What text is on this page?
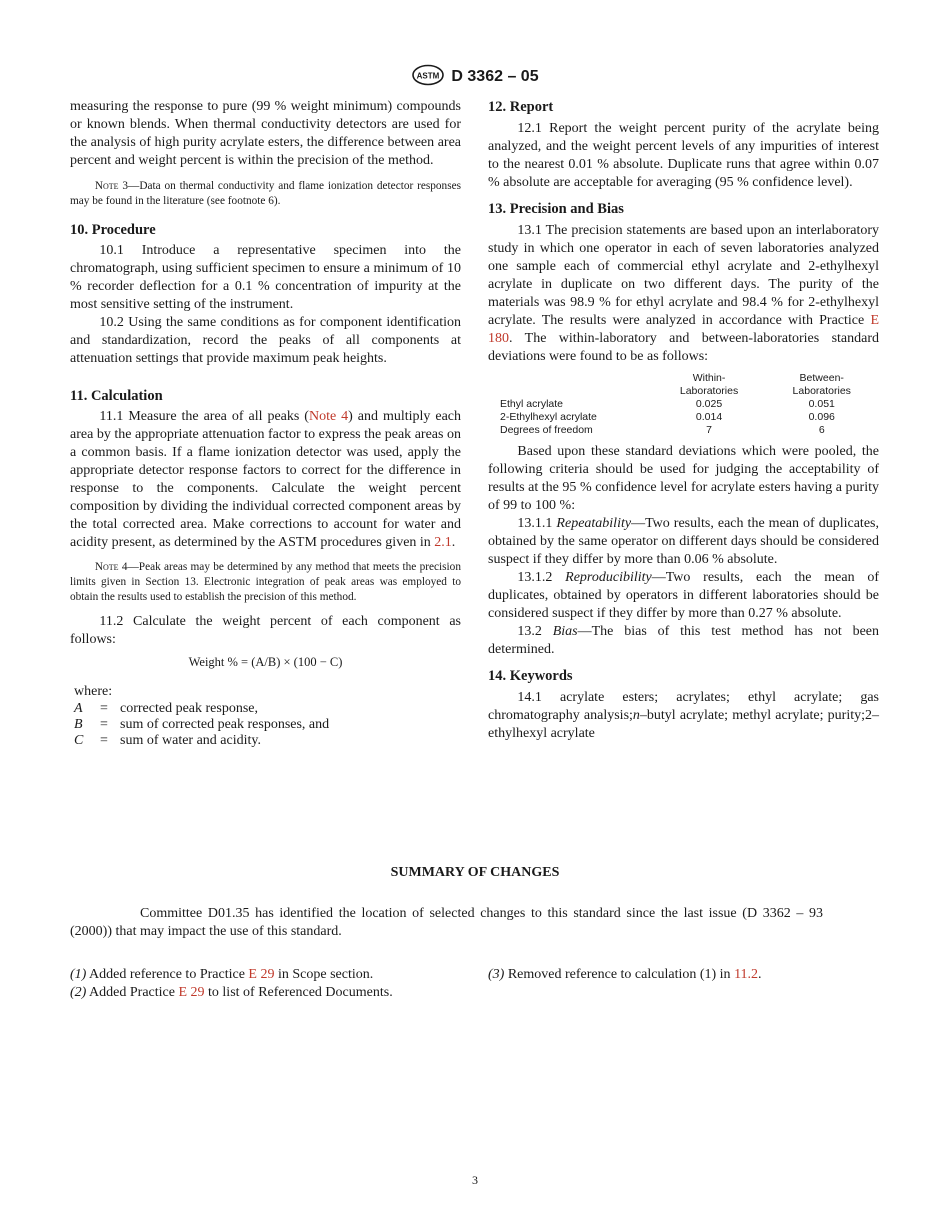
ASTM D 3362 – 05

measuring the response to pure (99 % weight minimum) compounds or known blends. When thermal conductivity detectors are used for the analysis of high purity acrylate esters, the difference between area percent and weight percent is within the precision of the method.

Note 3—Data on thermal conductivity and flame ionization detector responses may be found in the literature (see footnote 6).

10. Procedure

10.1 Introduce a representative specimen into the chromatograph, using sufficient specimen to ensure a minimum of 10 % recorder deflection for a 0.1 % concentration of impurity at the most sensitive setting of the instrument.

10.2 Using the same conditions as for component identification and standardization, record the peaks of all components at attenuation settings that provide maximum peak heights.

11. Calculation

11.1 Measure the area of all peaks (Note 4) and multiply each area by the appropriate attenuation factor to express the peak areas on a common basis. If a flame ionization detector was used, apply the appropriate detector response factors to correct for the difference in response to the components. Calculate the weight percent composition by dividing the individual corrected component areas by the total corrected area. Make corrections to account for water and acidity present, as determined by the ASTM procedures given in 2.1.

Note 4—Peak areas may be determined by any method that meets the precision limits given in Section 13. Electronic integration of peak areas was employed to obtain the results used to establish the precision of this method.

11.2 Calculate the weight percent of each component as follows:

Weight % = (A/B) × (100 − C)
where:
A	= corrected peak response,
B	= sum of corrected peak responses, and
C	= sum of water and acidity.

12. Report

12.1 Report the weight percent purity of the acrylate being analyzed, and the weight percent levels of any impurities of interest to the nearest 0.01 % absolute. Duplicate runs that agree within 0.07 % absolute are acceptable for averaging (95 % confidence level).

13. Precision and Bias

13.1 The precision statements are based upon an interlaboratory study in which one operator in each of seven laboratories analyzed one sample each of commercial ethyl acrylate and 2-ethylhexyl acrylate in duplicate on two different days. The purity of the materials was 98.9 % for ethyl acrylate and 98.4 % for 2-ethylhexyl acrylate. The results were analyzed in accordance with Practice E 180. The within-laboratory and between-laboratories standard deviations were found to be as follows:

	Within-	Between-
	Laboratories	Laboratories
Ethyl acrylate	0.025	0.051
2-Ethylhexyl acrylate	0.014	0.096
Degrees of freedom	7	6

Based upon these standard deviations which were pooled, the following criteria should be used for judging the acceptability of results at the 95 % confidence level for acrylate esters having a purity of 99 to 100 %:

13.1.1 Repeatability—Two results, each the mean of duplicates, obtained by the same operator on different days should be considered suspect if they differ by more than 0.06 % absolute.

13.1.2 Reproducibility—Two results, each the mean of duplicates, obtained by operators in different laboratories should be considered suspect if they differ by more than 0.27 % absolute.

13.2 Bias—The bias of this test method has not been determined.

14. Keywords

14.1 acrylate esters; acrylates; ethyl acrylate; gas chromatography analysis;n–butyl acrylate; methyl acrylate; purity;2–ethylhexyl acrylate

SUMMARY OF CHANGES
Committee D01.35 has identified the location of selected changes to this standard since the last issue (D 3362 – 93 (2000)) that may impact the use of this standard.
(1) Added reference to Practice E 29 in Scope section.
(2) Added Practice E 29 to list of Referenced Documents.
(3) Removed reference to calculation (1) in 11.2.
3
